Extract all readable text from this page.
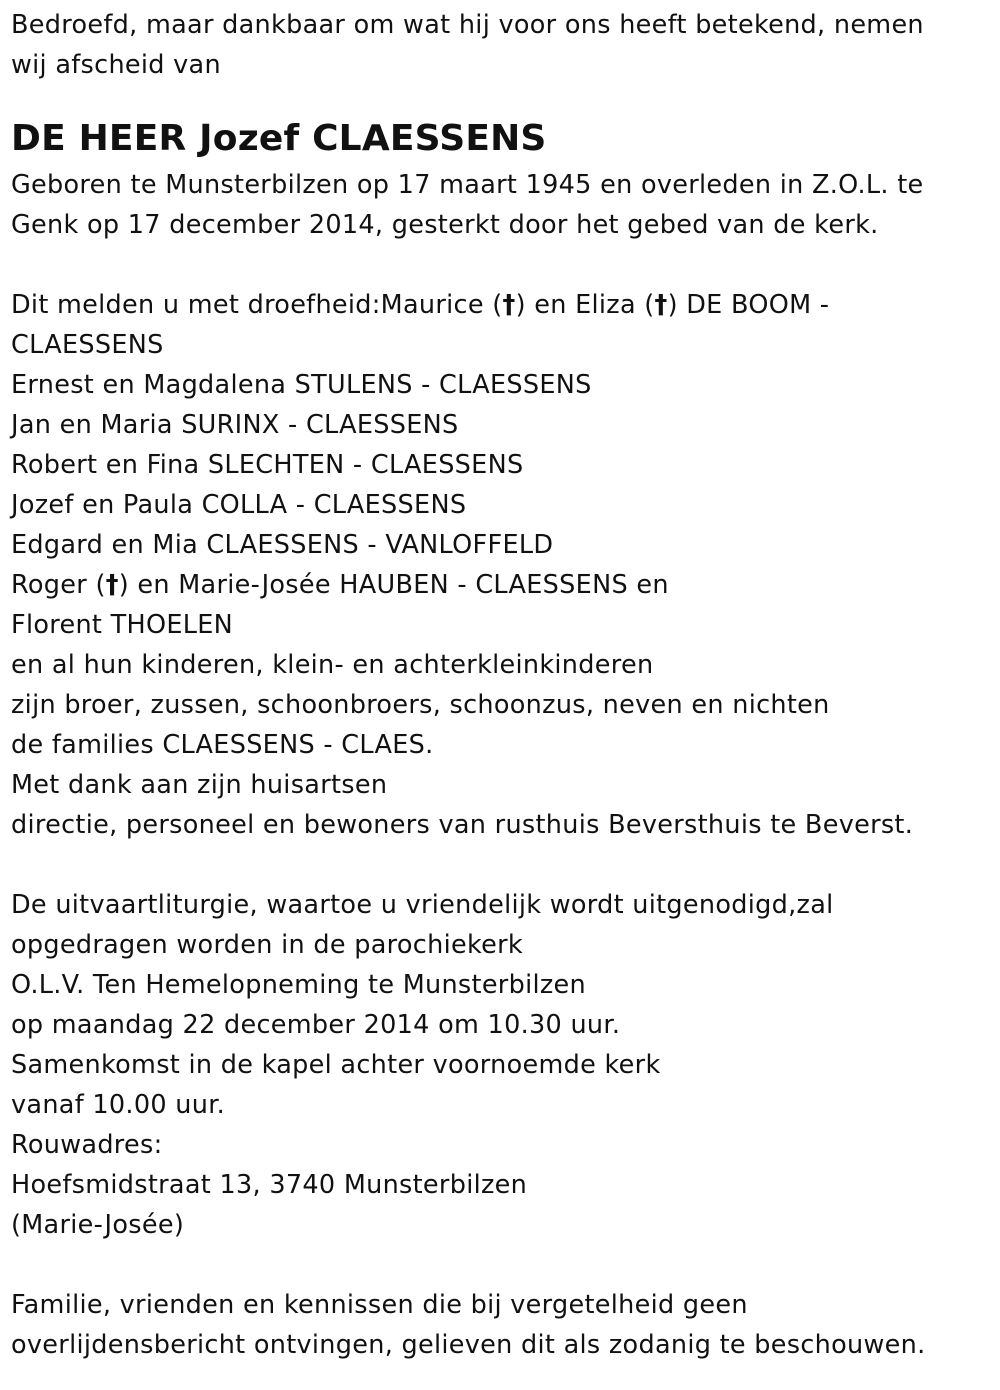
Bedroefd, maar dankbaar om wat hij voor ons heeft betekend, nemen
wij afscheid van
DE HEER Jozef CLAESSENS
Geboren te Munsterbilzen op 17 maart 1945 en overleden in Z.O.L. te
Genk op 17 december 2014, gesterkt door het gebed van de kerk.
Dit melden u met droefheid:Maurice (†) en Eliza (†) DE BOOM -
CLAESSENS
Ernest en Magdalena STULENS - CLAESSENS
Jan en Maria SURINX - CLAESSENS
Robert en Fina SLECHTEN - CLAESSENS
Jozef en Paula COLLA - CLAESSENS
Edgard en Mia CLAESSENS - VANLOFFELD
Roger (†) en Marie-Josée HAUBEN - CLAESSENS en
Florent THOELEN
en al hun kinderen, klein- en achterkleinkinderen
zijn broer, zussen, schoonbroers, schoonzus, neven en nichten
de families CLAESSENS - CLAES.
Met dank aan zijn huisartsen
directie, personeel en bewoners van rusthuis Beversthuis te Beverst.
De uitvaartliturgie, waartoe u vriendelijk wordt uitgenodigd,zal
opgedragen worden in de parochiekerk
O.L.V. Ten Hemelopneming te Munsterbilzen
op maandag 22 december 2014 om 10.30 uur.
Samenkomst in de kapel achter voornoemde kerk
vanaf 10.00 uur.
Rouwadres:
Hoefsmidstraat 13, 3740 Munsterbilzen
(Marie-Josée)
Familie, vrienden en kennissen die bij vergetelheid geen
overlijdensbericht ontvingen, gelieven dit als zodanig te beschouwen.
